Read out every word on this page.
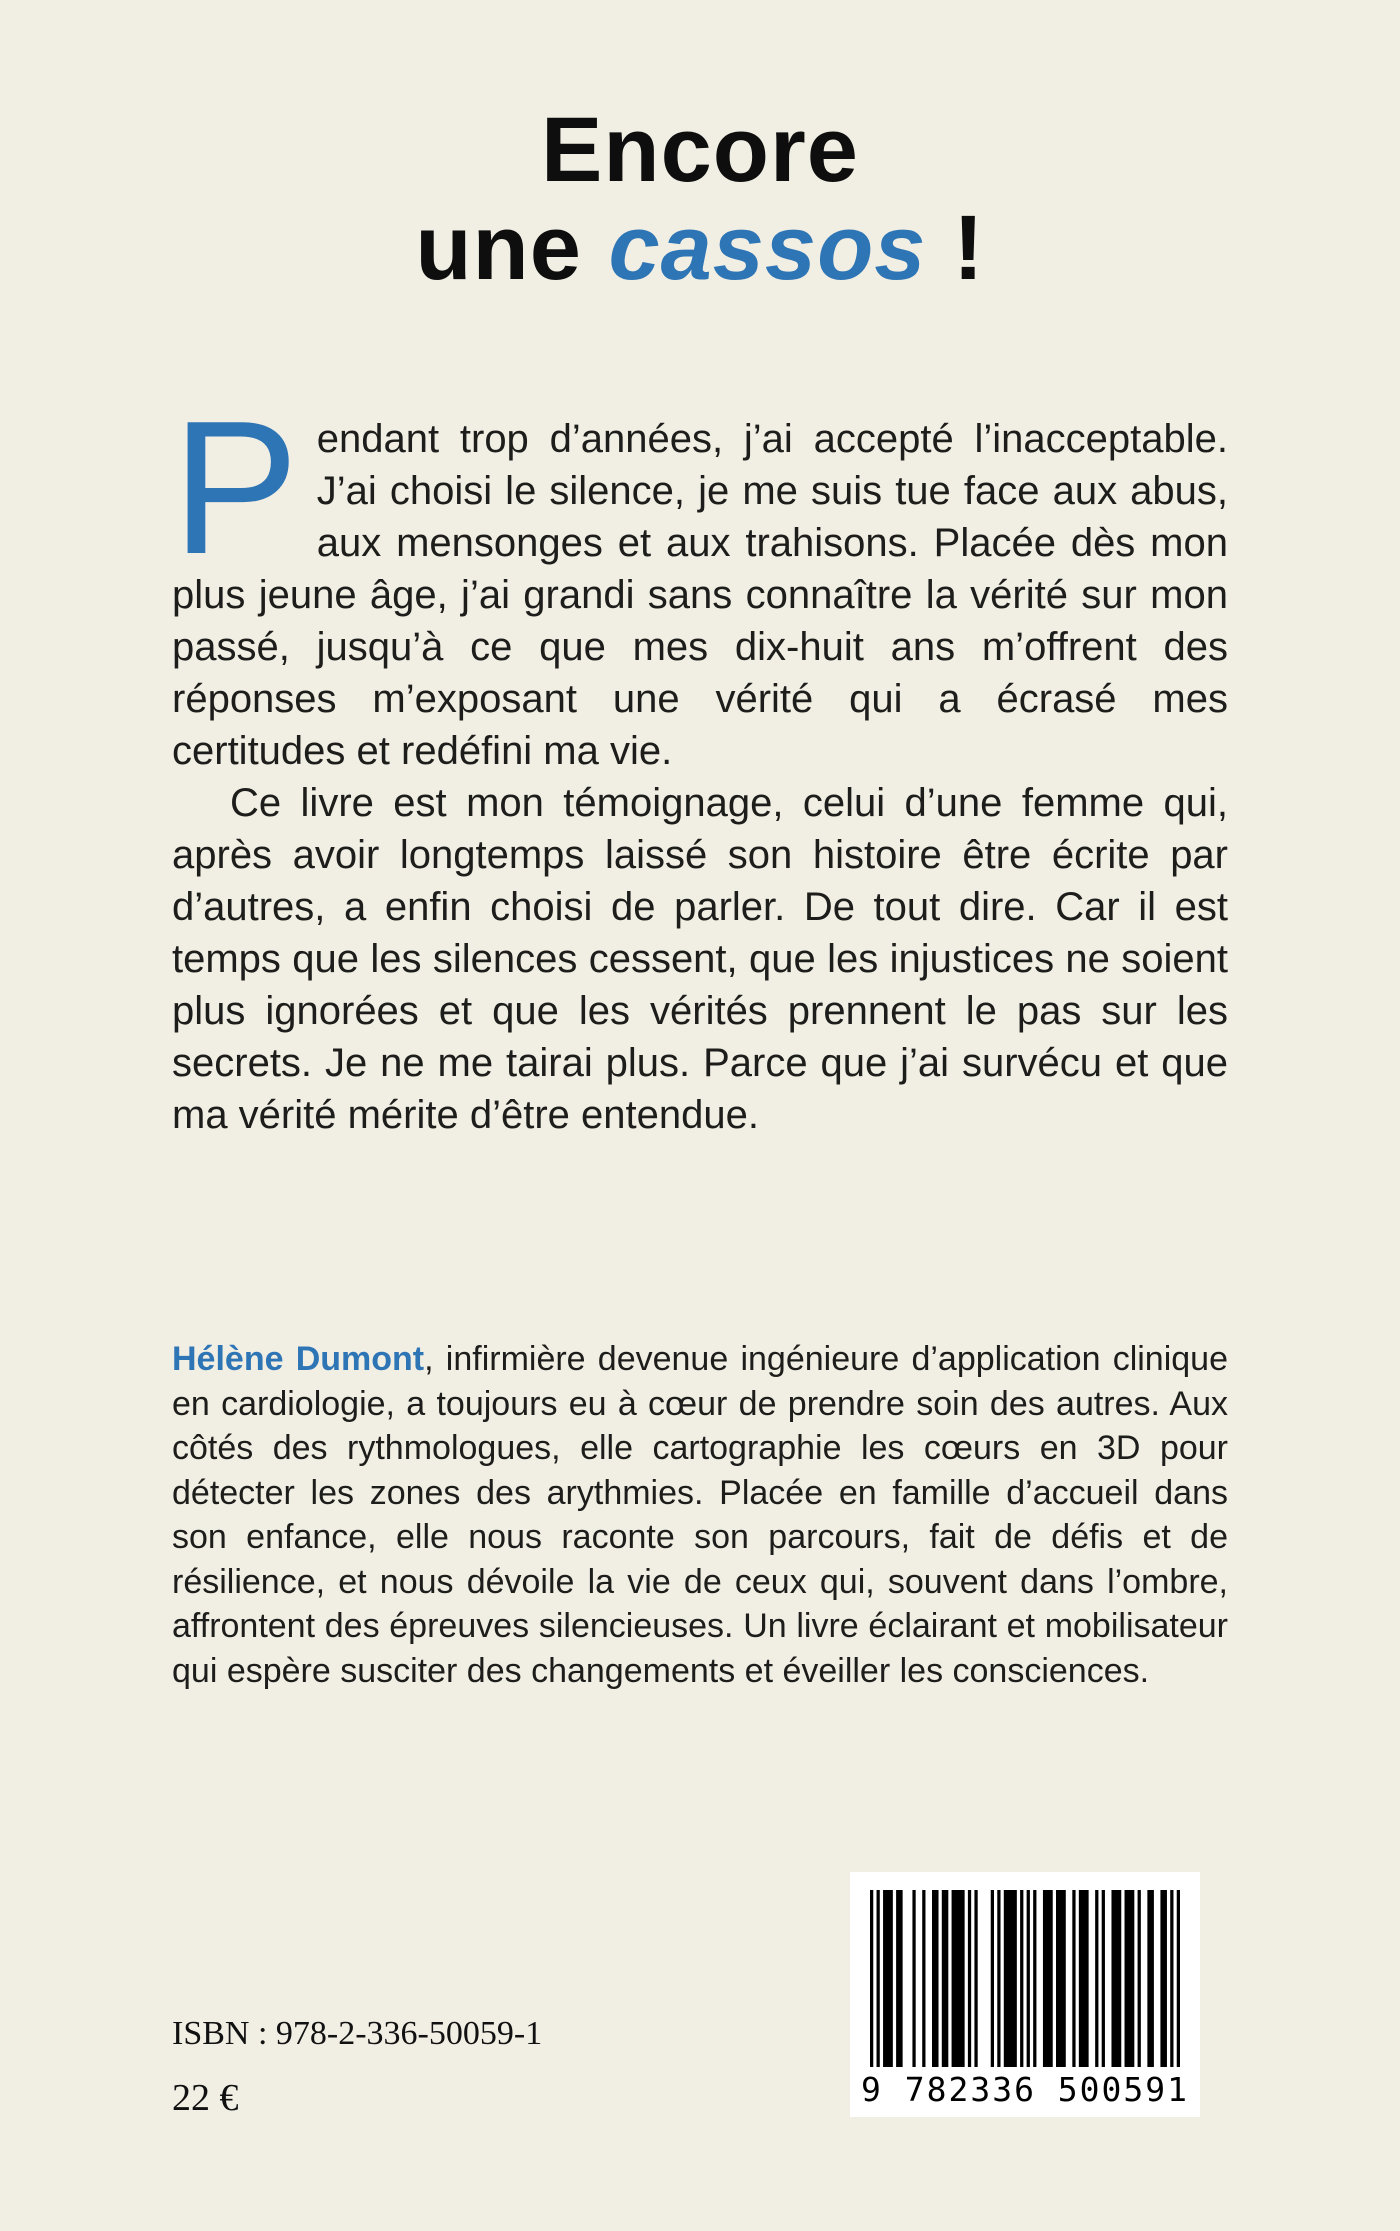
Encore
une cassos !

Pendant trop d’années, j’ai accepté l’inacceptable. J’ai choisi le silence, je me suis tue face aux abus, aux mensonges et aux trahisons. Placée dès mon plus jeune âge, j’ai grandi sans connaître la vérité sur mon passé, jusqu’à ce que mes dix-huit ans m’offrent des réponses m’exposant une vérité qui a écrasé mes certitudes et redéfini ma vie.

Ce livre est mon témoignage, celui d’une femme qui, après avoir longtemps laissé son histoire être écrite par d’autres, a enfin choisi de parler. De tout dire. Car il est temps que les silences cessent, que les injustices ne soient plus ignorées et que les vérités prennent le pas sur les secrets. Je ne me tairai plus. Parce que j’ai survécu et que ma vérité mérite d’être entendue.

Hélène Dumont, infirmière devenue ingénieure d’application clinique en cardiologie, a toujours eu à cœur de prendre soin des autres. Aux côtés des rythmologues, elle cartographie les cœurs en 3D pour détecter les zones des arythmies. Placée en famille d’accueil dans son enfance, elle nous raconte son parcours, fait de défis et de résilience, et nous dévoile la vie de ceux qui, souvent dans l’ombre, affrontent des épreuves silencieuses. Un livre éclairant et mobilisateur qui espère susciter des changements et éveiller les consciences.

ISBN : 978-2-336-50059-1
22 €	9 782336 500591
